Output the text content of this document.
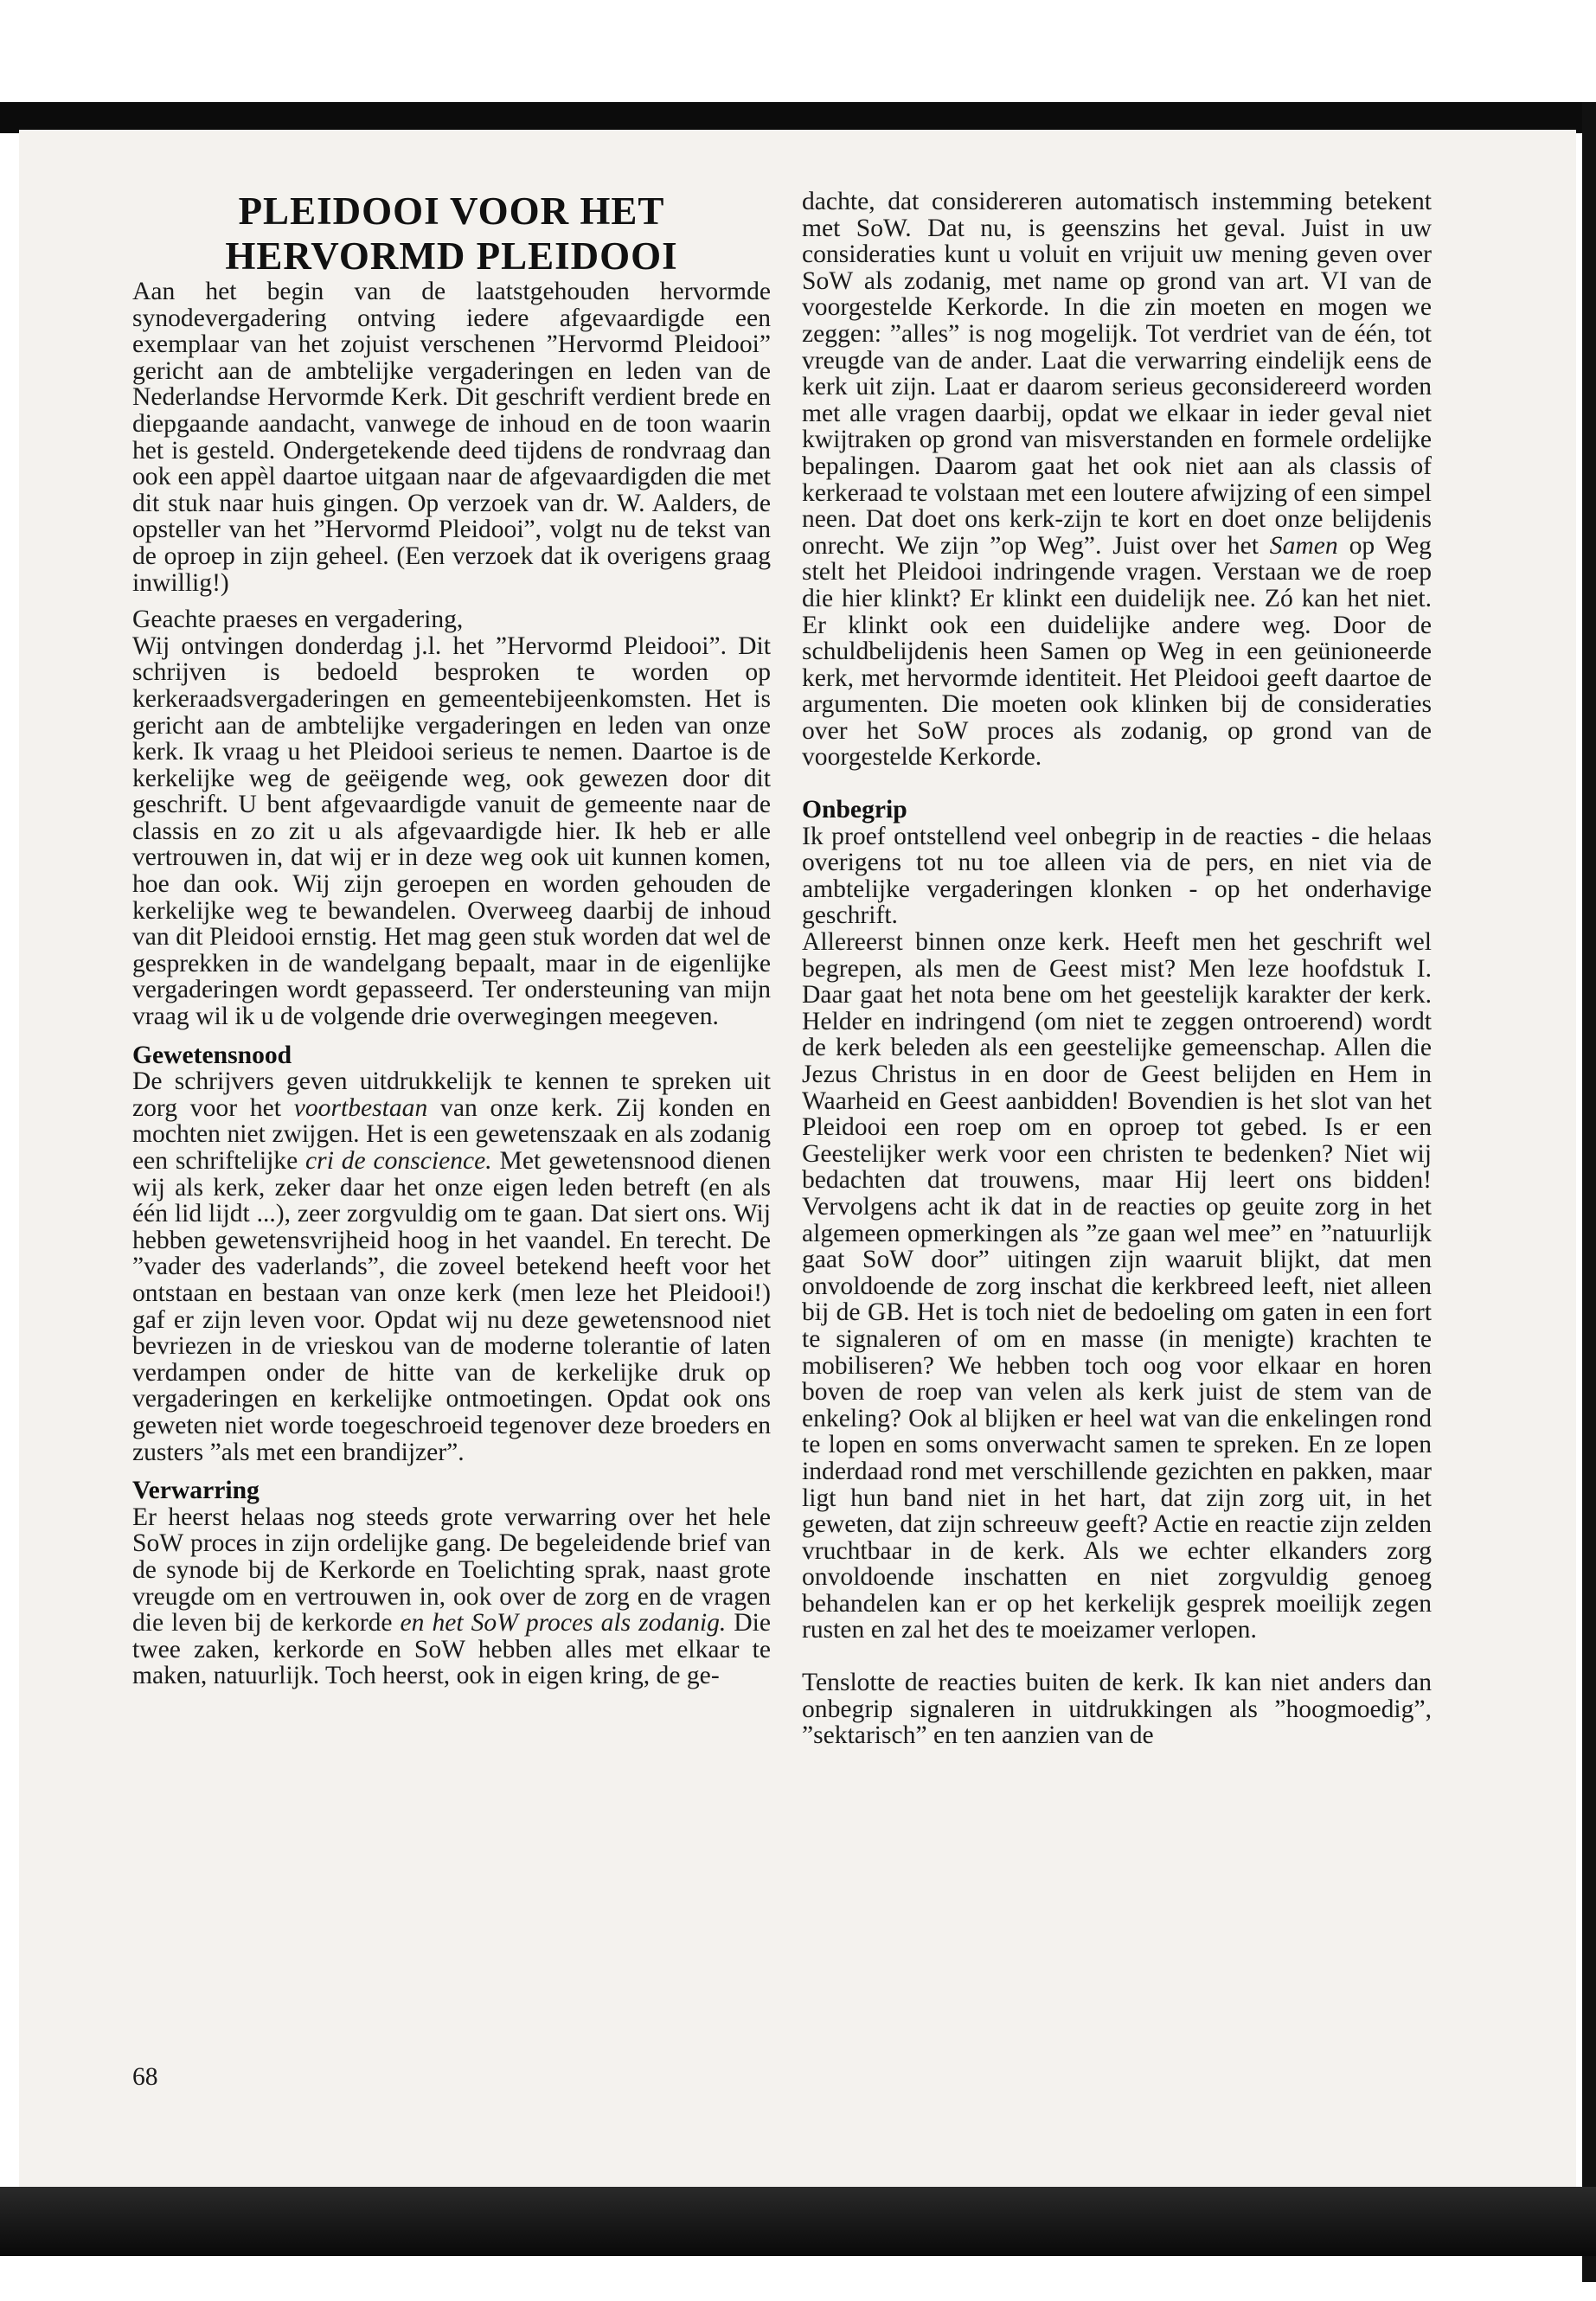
PLEIDOOI VOOR HET HERVORMD PLEIDOOI

Aan het begin van de laatstgehouden hervormde synodevergadering ontving iedere afgevaardigde een exemplaar van het zojuist verschenen ”Hervormd Pleidooi” gericht aan de ambtelijke vergaderingen en leden van de Nederlandse Hervormde Kerk. Dit geschrift verdient brede en diepgaande aandacht, vanwege de inhoud en de toon waarin het is gesteld. Ondergetekende deed tijdens de rondvraag dan ook een appèl daartoe uitgaan naar de afgevaardigden die met dit stuk naar huis gingen. Op verzoek van dr. W. Aalders, de opsteller van het ”Hervormd Pleidooi”, volgt nu de tekst van de oproep in zijn geheel. (Een verzoek dat ik overigens graag inwillig!)

Geachte praeses en vergadering,

Wij ontvingen donderdag j.l. het ”Hervormd Pleidooi”. Dit schrijven is bedoeld besproken te worden op kerkeraadsvergaderingen en gemeentebijeenkomsten. Het is gericht aan de ambtelijke vergaderingen en leden van onze kerk. Ik vraag u het Pleidooi serieus te nemen. Daartoe is de kerkelijke weg de geëigende weg, ook gewezen door dit geschrift. U bent afgevaardigde vanuit de gemeente naar de classis en zo zit u als afgevaardigde hier. Ik heb er alle vertrouwen in, dat wij er in deze weg ook uit kunnen komen, hoe dan ook. Wij zijn geroepen en worden gehouden de kerkelijke weg te bewandelen. Overweeg daarbij de inhoud van dit Pleidooi ernstig. Het mag geen stuk worden dat wel de gesprekken in de wandelgang bepaalt, maar in de eigenlijke vergaderingen wordt gepasseerd. Ter ondersteuning van mijn vraag wil ik u de volgende drie overwegingen meegeven.

Gewetensnood

De schrijvers geven uitdrukkelijk te kennen te spreken uit zorg voor het voortbestaan van onze kerk. Zij konden en mochten niet zwijgen. Het is een gewetenszaak en als zodanig een schriftelijke cri de conscience. Met gewetensnood dienen wij als kerk, zeker daar het onze eigen leden betreft (en als één lid lijdt ...), zeer zorgvuldig om te gaan. Dat siert ons. Wij hebben gewetensvrijheid hoog in het vaandel. En terecht. De ”vader des vaderlands”, die zoveel betekend heeft voor het ontstaan en bestaan van onze kerk (men leze het Pleidooi!) gaf er zijn leven voor. Opdat wij nu deze gewetensnood niet bevriezen in de vrieskou van de moderne tolerantie of laten verdampen onder de hitte van de kerkelijke druk op vergaderingen en kerkelijke ontmoetingen. Opdat ook ons geweten niet worde toegeschroeid tegenover deze broeders en zusters ”als met een brandijzer”.

Verwarring

Er heerst helaas nog steeds grote verwarring over het hele SoW proces in zijn ordelijke gang. De begeleidende brief van de synode bij de Kerkorde en Toelichting sprak, naast grote vreugde om en vertrouwen in, ook over de zorg en de vragen die leven bij de kerkorde en het SoW proces als zodanig. Die twee zaken, kerkorde en SoW hebben alles met elkaar te maken, natuurlijk. Toch heerst, ook in eigen kring, de ge-

dachte, dat considereren automatisch instemming betekent met SoW. Dat nu, is geenszins het geval. Juist in uw consideraties kunt u voluit en vrijuit uw mening geven over SoW als zodanig, met name op grond van art. VI van de voorgestelde Kerkorde. In die zin moeten en mogen we zeggen: ”alles” is nog mogelijk. Tot verdriet van de één, tot vreugde van de ander. Laat die verwarring eindelijk eens de kerk uit zijn. Laat er daarom serieus geconsidereerd worden met alle vragen daarbij, opdat we elkaar in ieder geval niet kwijtraken op grond van misverstanden en formele ordelijke bepalingen. Daarom gaat het ook niet aan als classis of kerkeraad te volstaan met een loutere afwijzing of een simpel neen. Dat doet ons kerk-zijn te kort en doet onze belijdenis onrecht. We zijn ”op Weg”. Juist over het Samen op Weg stelt het Pleidooi indringende vragen. Verstaan we de roep die hier klinkt? Er klinkt een duidelijk nee. Zó kan het niet. Er klinkt ook een duidelijke andere weg. Door de schuldbelijdenis heen Samen op Weg in een geünioneerde kerk, met hervormde identiteit. Het Pleidooi geeft daartoe de argumenten. Die moeten ook klinken bij de consideraties over het SoW proces als zodanig, op grond van de voorgestelde Kerkorde.

Onbegrip

Ik proef ontstellend veel onbegrip in de reacties - die helaas overigens tot nu toe alleen via de pers, en niet via de ambtelijke vergaderingen klonken - op het onderhavige geschrift.

Allereerst binnen onze kerk. Heeft men het geschrift wel begrepen, als men de Geest mist? Men leze hoofdstuk I. Daar gaat het nota bene om het geestelijk karakter der kerk. Helder en indringend (om niet te zeggen ontroerend) wordt de kerk beleden als een geestelijke gemeenschap. Allen die Jezus Christus in en door de Geest belijden en Hem in Waarheid en Geest aanbidden! Bovendien is het slot van het Pleidooi een roep om en oproep tot gebed. Is er een Geestelijker werk voor een christen te bedenken? Niet wij bedachten dat trouwens, maar Hij leert ons bidden! Vervolgens acht ik dat in de reacties op geuite zorg in het algemeen opmerkingen als ”ze gaan wel mee” en ”natuurlijk gaat SoW door” uitingen zijn waaruit blijkt, dat men onvoldoende de zorg inschat die kerkbreed leeft, niet alleen bij de GB. Het is toch niet de bedoeling om gaten in een fort te signaleren of om en masse (in menigte) krachten te mobiliseren? We hebben toch oog voor elkaar en horen boven de roep van velen als kerk juist de stem van de enkeling? Ook al blijken er heel wat van die enkelingen rond te lopen en soms onverwacht samen te spreken. En ze lopen inderdaad rond met verschillende gezichten en pakken, maar ligt hun band niet in het hart, dat zijn zorg uit, in het geweten, dat zijn schreeuw geeft? Actie en reactie zijn zelden vruchtbaar in de kerk. Als we echter elkanders zorg onvoldoende inschatten en niet zorgvuldig genoeg behandelen kan er op het kerkelijk gesprek moeilijk zegen rusten en zal het des te moeizamer verlopen.

Tenslotte de reacties buiten de kerk. Ik kan niet anders dan onbegrip signaleren in uitdrukkingen als ”hoogmoedig”, ”sektarisch” en ten aanzien van de

68
